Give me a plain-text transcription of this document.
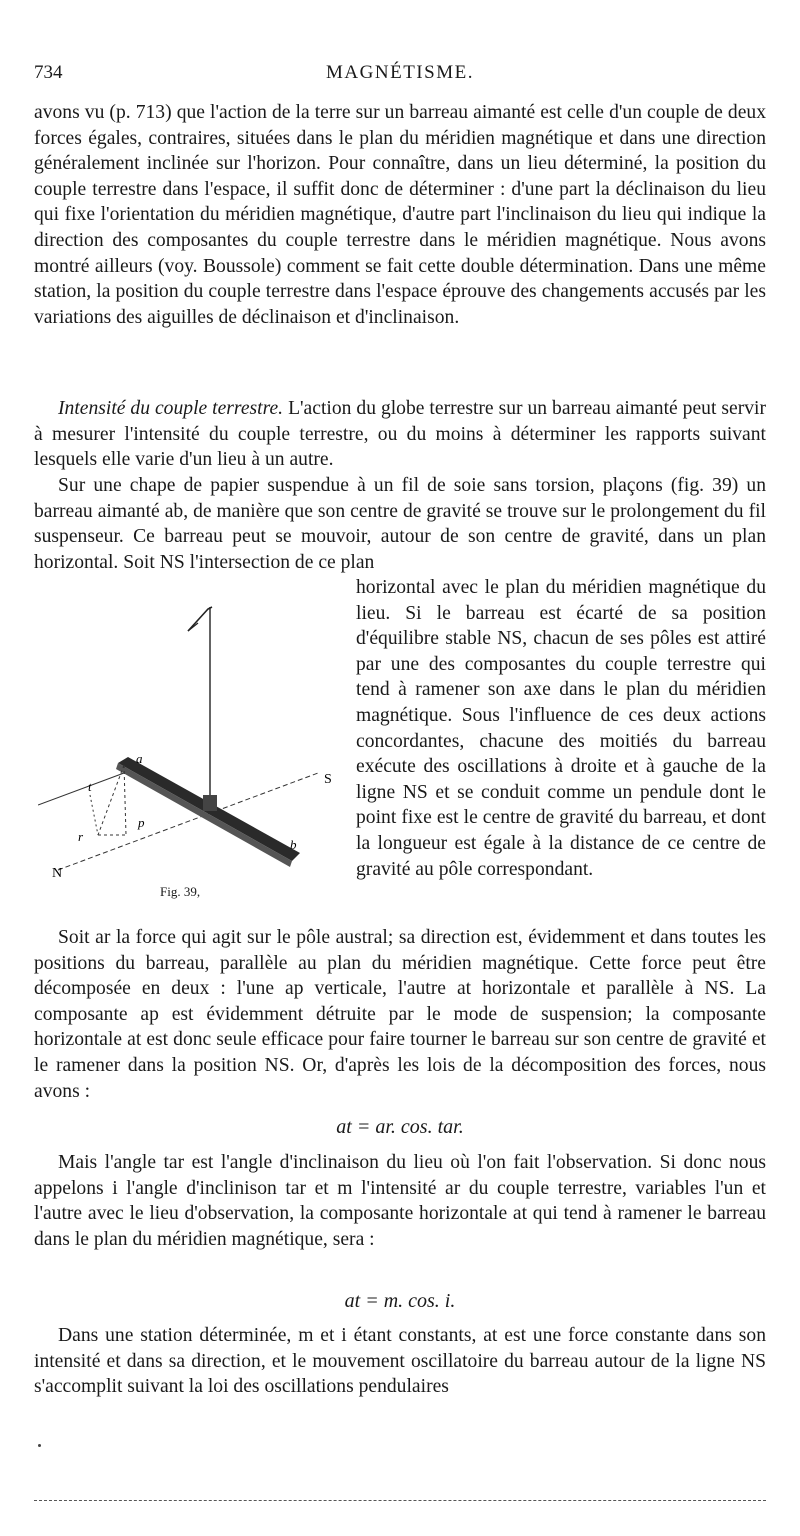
734	MAGNÉTISME.

avons vu (p. 713) que l'action de la terre sur un barreau aimanté est celle d'un couple de deux forces égales, contraires, situées dans le plan du méridien magnétique et dans une direction généralement inclinée sur l'horizon. Pour connaître, dans un lieu déterminé, la position du couple terrestre dans l'espace, il suffit donc de déterminer : d'une part la déclinaison du lieu qui fixe l'orientation du méridien magnétique, d'autre part l'inclinaison du lieu qui indique la direction des composantes du couple terrestre dans le méridien magnétique. Nous avons montré ailleurs (voy. Boussole) comment se fait cette double détermination. Dans une même station, la position du couple terrestre dans l'espace éprouve des changements accusés par les variations des aiguilles de déclinaison et d'inclinaison.

Intensité du couple terrestre. L'action du globe terrestre sur un barreau aimanté peut servir à mesurer l'intensité du couple terrestre, ou du moins à déterminer les rapports suivant lesquels elle varie d'un lieu à un autre.

Sur une chape de papier suspendue à un fil de soie sans torsion, plaçons (fig. 39) un barreau aimanté ab, de manière que son centre de gravité se trouve sur le prolongement du fil suspenseur. Ce barreau peut se mouvoir, autour de son centre de gravité, dans un plan horizontal. Soit NS l'intersection de ce plan

a
b
t
r
p
S
N
Fig. 39,

horizontal avec le plan du méridien magnétique du lieu. Si le barreau est écarté de sa position d'équilibre stable NS, chacun de ses pôles est attiré par une des composantes du couple terrestre qui tend à ramener son axe dans le plan du méridien magnétique. Sous l'influence de ces deux actions concordantes, chacune des moitiés du barreau exécute des oscillations à droite et à gauche de la ligne NS et se conduit comme un pendule dont le point fixe est le centre de gravité du barreau, et dont la longueur est égale à la distance de ce centre de gravité au pôle correspondant.

Soit ar la force qui agit sur le pôle austral; sa direction est, évidemment et dans toutes les positions du barreau, parallèle au plan du méridien magnétique. Cette force peut être décomposée en deux : l'une ap verticale, l'autre at horizontale et parallèle à NS. La composante ap est évidemment détruite par le mode de suspension; la composante horizontale at est donc seule efficace pour faire tourner le barreau sur son centre de gravité et le ramener dans la position NS. Or, d'après les lois de la décomposition des forces, nous avons :

at = ar. cos. tar.

Mais l'angle tar est l'angle d'inclinaison du lieu où l'on fait l'observation. Si donc nous appelons i l'angle d'inclinison tar et m l'intensité ar du couple terrestre, variables l'un et l'autre avec le lieu d'observation, la composante horizontale at qui tend à ramener le barreau dans le plan du méridien magnétique, sera :

at = m. cos. i.

Dans une station déterminée, m et i étant constants, at est une force constante dans son intensité et dans sa direction, et le mouvement oscillatoire du barreau autour de la ligne NS s'accomplit suivant la loi des oscillations pendulaires
